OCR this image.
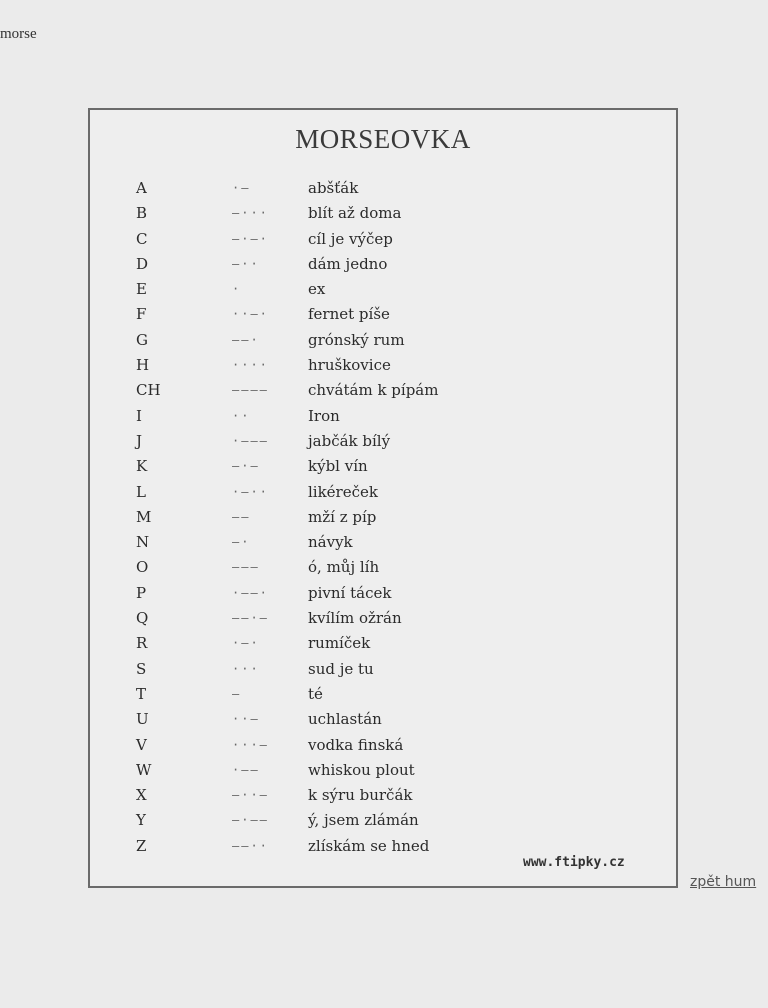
morse
MORSEOVKA
A	·–	abšťák
B	–···	blít až doma
C	–·–·	cíl je výčep
D	–··	dám jedno
E	·	ex
F	··–·	fernet píše
G	––·	grónský rum
H	····	hruškovice
CH	––––	chvátám k pípám
I	··	Iron
J	·–––	jabčák bílý
K	–·–	kýbl vín
L	·–··	likéreček
M	––	mží z píp
N	–·	návyk
O	–––	ó, můj líh
P	·––·	pivní tácek
Q	––·–	kvílím ožrán
R	·–·	rumíček
S	···	sud je tu
T	–	té
U	··–	uchlastán
V	···–	vodka finská
W	·––	whiskou plout
X	–··–	k sýru burčák
Y	–·––	ý, jsem zlámán
Z	––··	zlískám se hned
www.ftipky.cz
zpět hum
